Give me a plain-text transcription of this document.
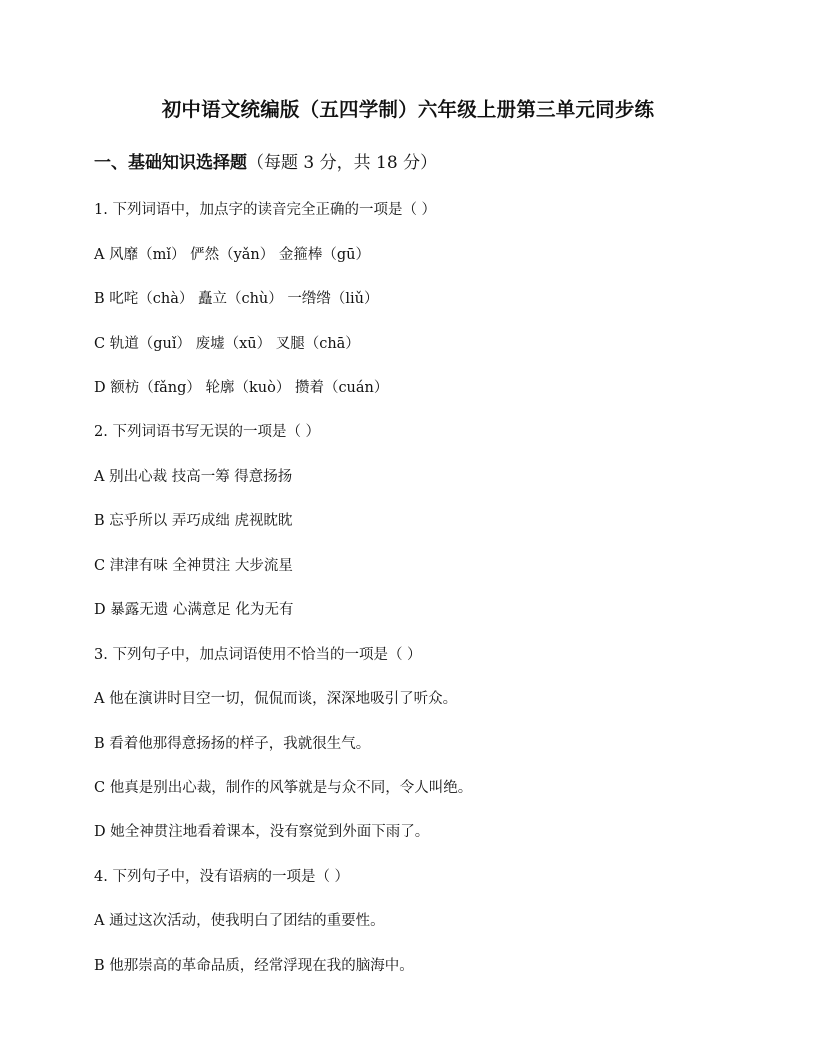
初中语文统编版（五四学制）六年级上册第三单元同步练
一、基础知识选择题（每题 3 分，共 18 分）
1. 下列词语中，加点字的读音完全正确的一项是（ ）
A 风靡（mǐ） 俨然（yǎn） 金箍棒（gū）
B 叱咤（chà） 矗立（chù） 一绺绺（liǔ）
C 轨道（guǐ） 废墟（xū） 叉腿（chā）
D 额枋（fǎng） 轮廓（kuò） 攒着（cuán）
2. 下列词语书写无误的一项是（ ）
A 别出心裁 技高一筹 得意扬扬
B 忘乎所以 弄巧成绌 虎视眈眈
C 津津有味 全神贯注 大步流星
D 暴露无遗 心满意足 化为无有
3. 下列句子中，加点词语使用不恰当的一项是（ ）
A 他在演讲时目空一切，侃侃而谈，深深地吸引了听众。
B 看着他那得意扬扬的样子，我就很生气。
C 他真是别出心裁，制作的风筝就是与众不同，令人叫绝。
D 她全神贯注地看着课本，没有察觉到外面下雨了。
4. 下列句子中，没有语病的一项是（ ）
A 通过这次活动，使我明白了团结的重要性。
B 他那崇高的革命品质，经常浮现在我的脑海中。
